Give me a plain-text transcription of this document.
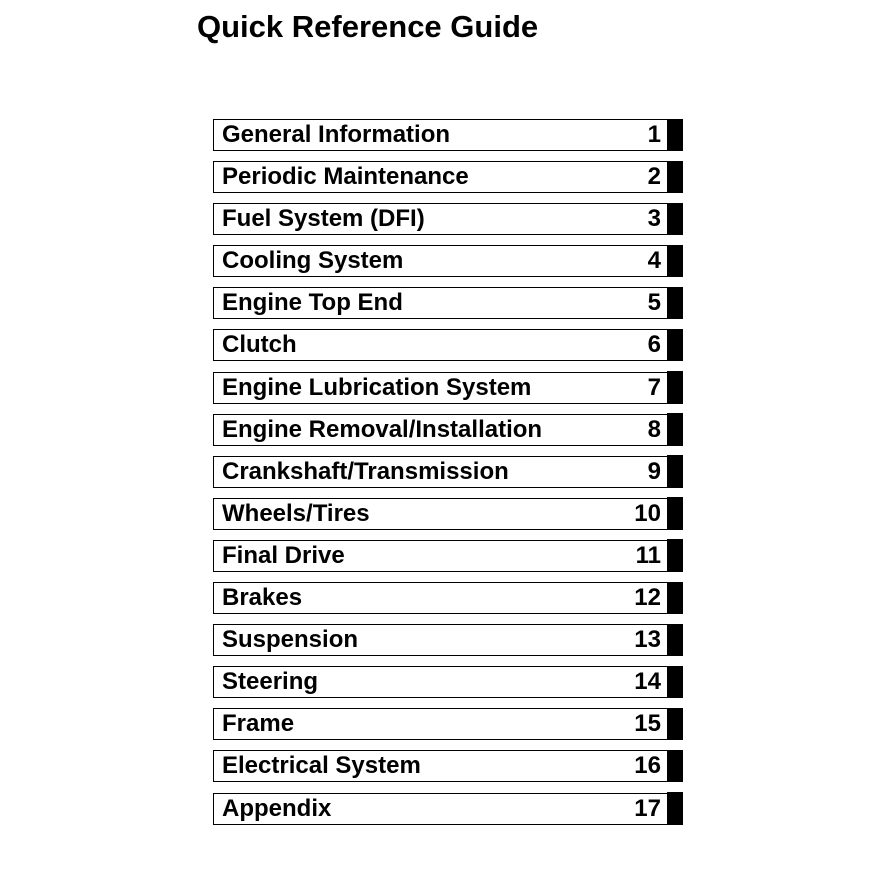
Quick Reference Guide
General Information	1
Periodic Maintenance	2
Fuel System (DFI)	3
Cooling System	4
Engine Top End	5
Clutch	6
Engine Lubrication System	7
Engine Removal/Installation	8
Crankshaft/Transmission	9
Wheels/Tires	10
Final Drive	11
Brakes	12
Suspension	13
Steering	14
Frame	15
Electrical System	16
Appendix	17
